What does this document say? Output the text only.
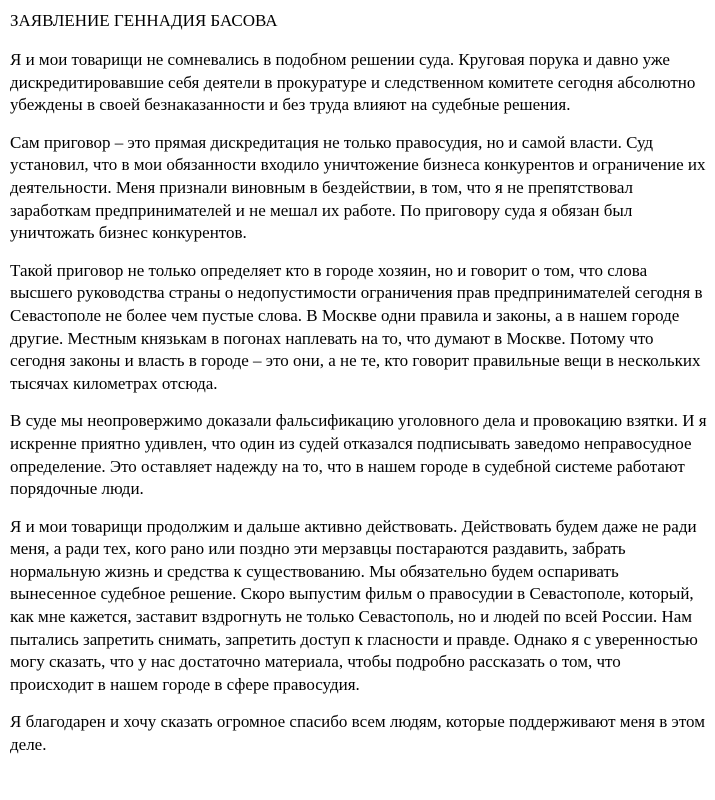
ЗАЯВЛЕНИЕ ГЕННАДИЯ БАСОВА

Я и мои товарищи не сомневались в подобном решении суда. Круговая порука и давно уже дискредитировавшие себя деятели в прокуратуре и следственном комитете сегодня абсолютно убеждены в своей безнаказанности и без труда влияют на судебные решения.

Сам приговор – это прямая дискредитация не только правосудия, но и самой власти. Суд установил, что в мои обязанности входило уничтожение бизнеса конкурентов и ограничение их деятельности. Меня признали виновным в бездействии, в том, что я не препятствовал заработкам предпринимателей и не мешал их работе. По приговору суда я обязан был уничтожать бизнес конкурентов.

Такой приговор не только определяет кто в городе хозяин, но и говорит о том, что слова высшего руководства страны о недопустимости ограничения прав предпринимателей сегодня в Севастополе не более чем пустые слова. В Москве одни правила и законы, а в нашем городе другие. Местным князькам в погонах наплевать на то, что думают в Москве. Потому что сегодня законы и власть в городе – это они, а не те, кто говорит правильные вещи в нескольких тысячах километрах отсюда.

В суде мы неопровержимо доказали фальсификацию уголовного дела и провокацию взятки. И я искренне приятно удивлен, что один из судей отказался подписывать заведомо неправосудное определение. Это оставляет надежду на то, что в нашем городе в судебной системе работают порядочные люди.

Я и мои товарищи продолжим и дальше активно действовать. Действовать будем даже не ради меня, а ради тех, кого рано или поздно эти мерзавцы постараются раздавить, забрать нормальную жизнь и средства к существованию. Мы обязательно будем оспаривать вынесенное судебное решение. Скоро выпустим фильм о правосудии в Севастополе, который, как мне кажется, заставит вздрогнуть не только Севастополь, но и людей по всей России. Нам пытались запретить снимать, запретить доступ к гласности и правде. Однако я с уверенностью могу сказать, что у нас достаточно материала, чтобы подробно рассказать о том, что происходит в нашем городе в сфере правосудия.

Я благодарен и хочу сказать огромное спасибо всем людям, которые поддерживают меня в этом деле.
